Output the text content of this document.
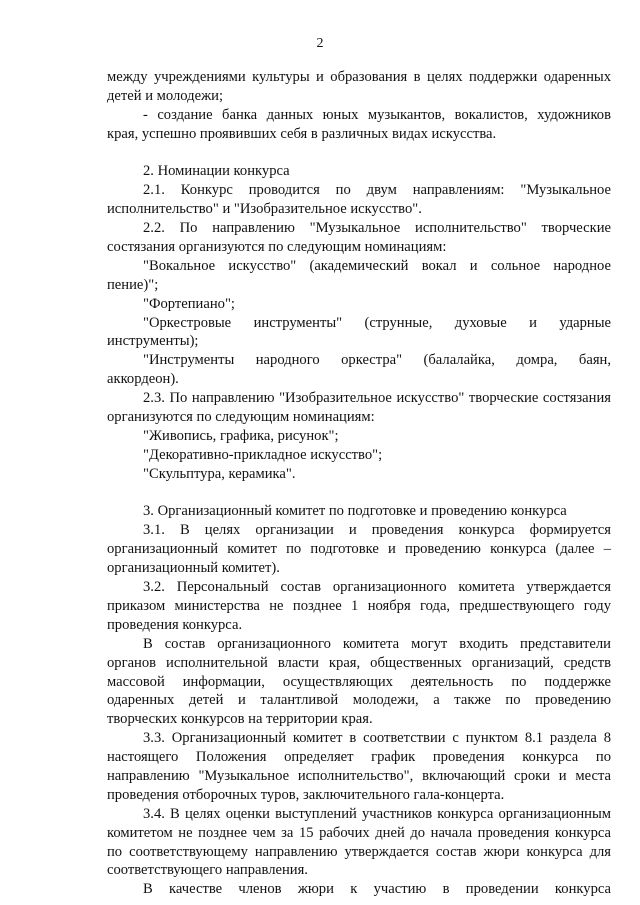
2
между учреждениями культуры и образования в целях поддержки одаренных
детей и молодежи;
- создание банка данных юных музыкантов, вокалистов, художников
края, успешно проявивших себя в различных видах искусства.
2. Номинации конкурса
2.1. Конкурс проводится по двум направлениям: "Музыкальное
исполнительство" и "Изобразительное искусство".
2.2. По направлению "Музыкальное исполнительство" творческие
состязания организуются по следующим номинациям:
"Вокальное искусство" (академический вокал и сольное народное
пение)";
"Фортепиано";
"Оркестровые инструменты" (струнные, духовые и ударные
инструменты);
"Инструменты народного оркестра" (балалайка, домра, баян,
аккордеон).
2.3. По направлению "Изобразительное искусство" творческие состязания
организуются по следующим номинациям:
"Живопись, графика, рисунок";
"Декоративно-прикладное искусство";
"Скульптура, керамика".
3. Организационный комитет по подготовке и проведению конкурса
3.1. В целях организации и проведения конкурса формируется
организационный комитет по подготовке и проведению конкурса (далее –
организационный комитет).
3.2. Персональный состав организационного комитета утверждается
приказом министерства не позднее 1 ноября года, предшествующего году
проведения конкурса.
В состав организационного комитета могут входить представители
органов исполнительной власти края, общественных организаций, средств
массовой информации, осуществляющих деятельность по поддержке
одаренных детей и талантливой молодежи, а также по проведению
творческих конкурсов на территории края.
3.3. Организационный комитет в соответствии с пунктом 8.1 раздела 8
настоящего Положения определяет график проведения конкурса по
направлению "Музыкальное исполнительство", включающий сроки и места
проведения отборочных туров, заключительного гала-концерта.
3.4. В целях оценки выступлений участников конкурса организационным
комитетом не позднее чем за 15 рабочих дней до начала проведения конкурса
по соответствующему направлению утверждается состав жюри конкурса для
соответствующего направления.
В качестве членов жюри к участию в проведении конкурса
